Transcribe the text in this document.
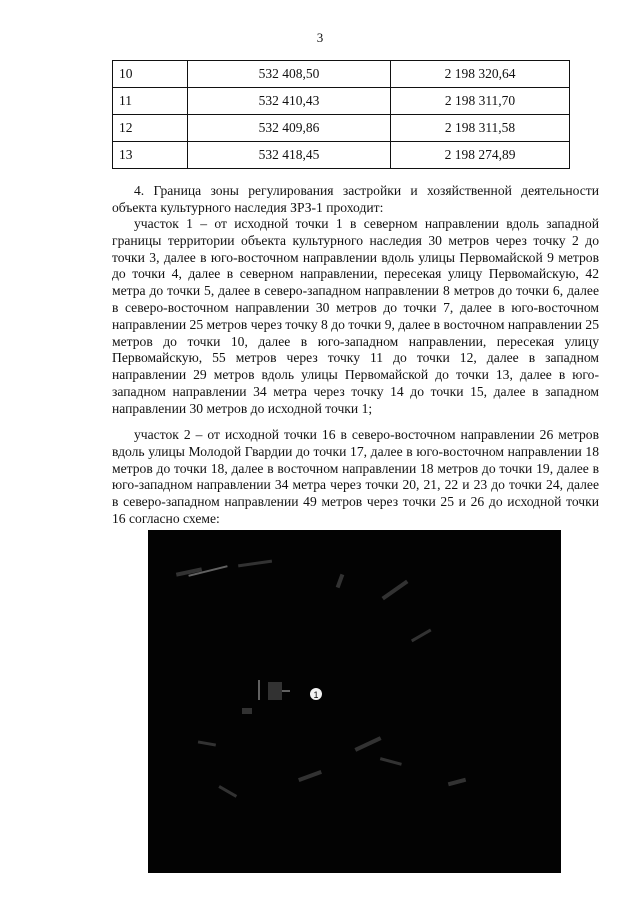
3
10	532 408,50	2 198 320,64
11	532 410,43	2 198 311,70
12	532 409,86	2 198 311,58
13	532 418,45	2 198 274,89

4. Граница зоны регулирования застройки и хозяйственной деятельности объекта культурного наследия ЗРЗ-1 проходит:

участок 1 – от исходной точки 1 в северном направлении вдоль западной границы территории объекта культурного наследия 30 метров через точку 2 до точки 3, далее в юго-восточном направлении вдоль улицы Первомайской 9 метров до точки 4, далее в северном направлении, пересекая улицу Первомайскую, 42 метра до точки 5, далее в северо-западном направлении 8 метров до точки 6, далее в северо-восточном направлении 30 метров до точки 7, далее в юго-восточном направлении 25 метров через точку 8 до точки 9, далее в восточном направлении 25 метров до точки 10, далее в юго-западном направлении, пересекая улицу Первомайскую, 55 метров через точку 11 до точки 12, далее в западном направлении 29 метров вдоль улицы Первомайской до точки 13, далее в юго-западном направлении 34 метра через точку 14 до точки 15, далее в западном направлении 30 метров до исходной точки 1;

участок 2 – от исходной точки 16 в северо-восточном направлении 26 метров вдоль улицы Молодой Гвардии до точки 17, далее в юго-восточном направлении 18 метров до точки 18, далее в восточном направлении 18 метров до точки 19, далее в юго-западном направлении 34 метра через точки 20, 21, 22 и 23 до точки 24, далее в северо-западном направлении 49 метров через точки 25 и 26 до исходной точки 16 согласно схеме:

1
